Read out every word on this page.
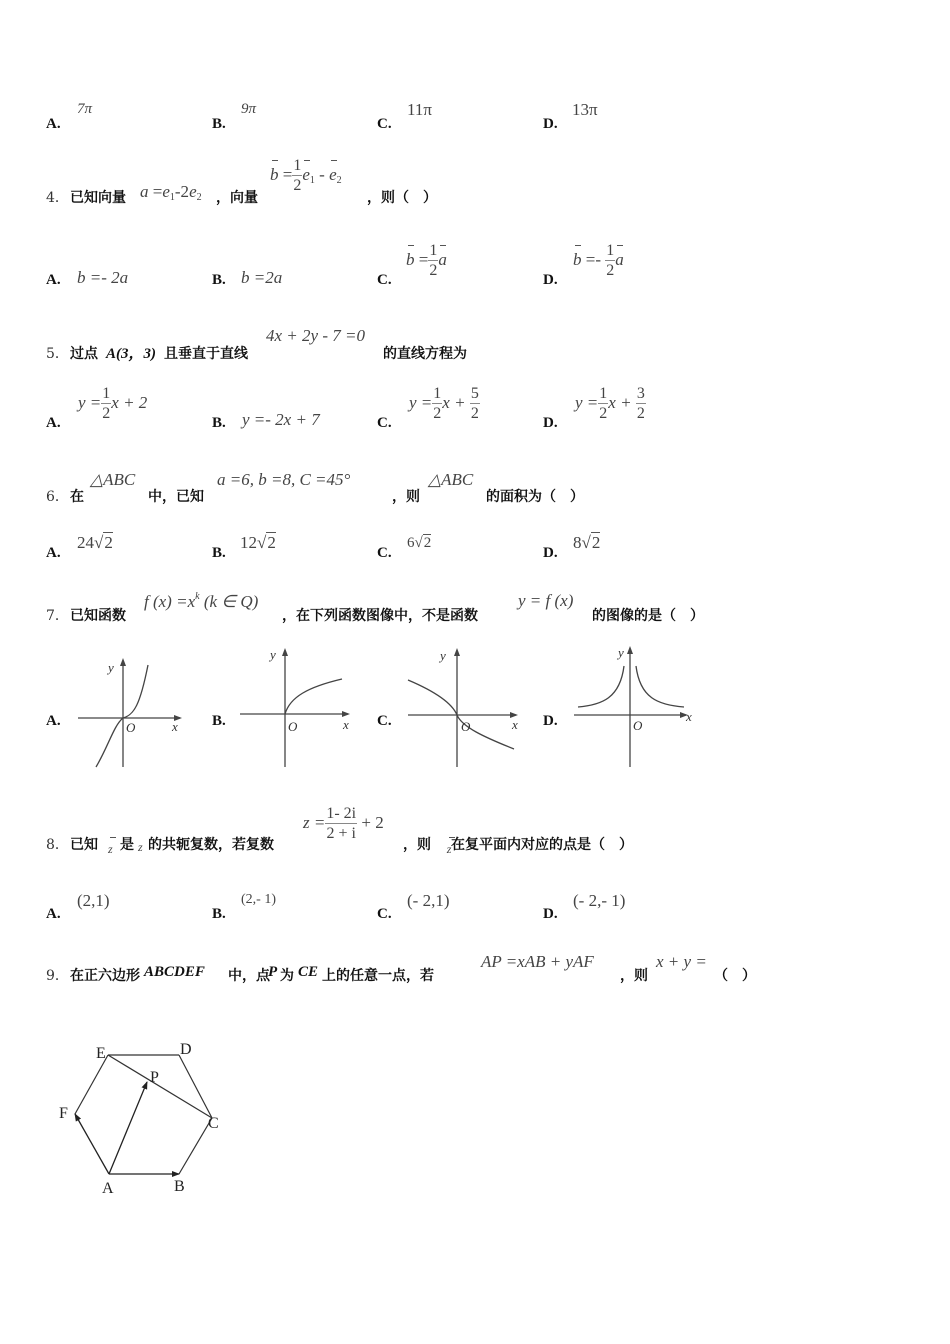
A.
7π
B.
9π
C.
11π
D.
13π
4． 已知向量 $a =e_1-2e_2$ ，向量
$b = \frac{1}{2} e_1 - e_2$
，则（　）
A. b =- 2a	B. b =2a	C.
$b = \frac{1}{2}$ a
D.
$b =- \frac{1}{2}$ a
5． 过点 A(3，3) 且垂直于直线
4x + 2y - 7 =0
的直线方程为
A.
$y = \frac{1}{2}$ x + 2
B. y =- 2x + 7	C.
$y = \frac{1}{2}$ $x + \frac{5}{2}$
D.
$y = \frac{1}{2}$ $x + \frac{3}{2}$
6． 在
△ABC
中，已知
a =6, b =8, C =45°
，则
△ABC
的面积为（　）
A.
24√2
B.
12√2
C.
6√2
D.
8√2
7． 已知函数
f $(x) =x^k$ (k ∈ Q)
，在下列函数图像中，不是函数
y = f (x)
的图像的是（　）
A.
y
x
O	B.
y
x
O	C.
y
x
O	D.
y
x
O
8． 已知 z 是 z 的共轭复数，若复数
$z = \frac{1- 2i}{2 + i} + 2$
，则 z 在复平面内对应的点是（　）
A.
(2,1)
B.
(2,- 1)
C.
(- 2,1)
D.
(- 2,- 1)
9． 在正六边形 ABCDEF 中，点
P 为 CE 上的任意一点，若
AP =xAB + yAF
，则
x + y =
（　）
A	B
C
D
E
F
P
